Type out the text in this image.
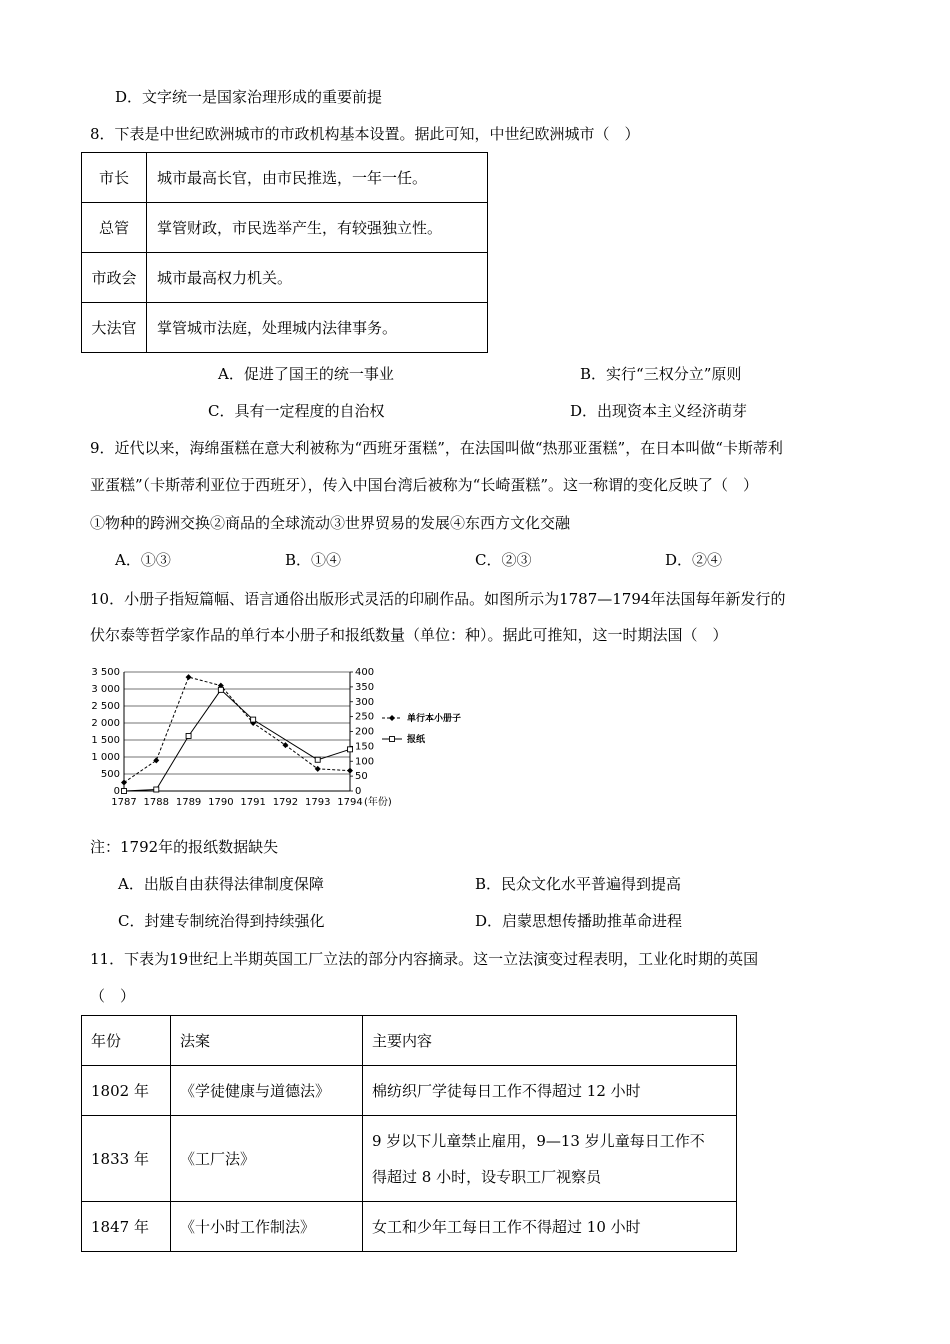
D．文字统一是国家治理形成的重要前提
8．下表是中世纪欧洲城市的市政机构基本设置。据此可知，中世纪欧洲城市（　）
市长	城市最高长官，由市民推选，一年一任。
总管	掌管财政，市民选举产生，有较强独立性。
市政会	城市最高权力机关。
大法官	掌管城市法庭，处理城内法律事务。
A．促进了国王的统一事业	B．实行“三权分立”原则
C．具有一定程度的自治权	D．出现资本主义经济萌芽
9．近代以来，海绵蛋糕在意大利被称为“西班牙蛋糕”，在法国叫做“热那亚蛋糕”，在日本叫做“卡斯蒂利
亚蛋糕”（卡斯蒂利亚位于西班牙），传入中国台湾后被称为“长崎蛋糕”。这一称谓的变化反映了（　）
①物种的跨洲交换②商品的全球流动③世界贸易的发展④东西方文化交融
A．①③	B．①④	C．②③	D．②④
10．小册子指短篇幅、语言通俗出版形式灵活的印刷作品。如图所示为1787—1794年法国每年新发行的
伏尔泰等哲学家作品的单行本小册子和报纸数量（单位：种）。据此可推知，这一时期法国（　）
0
500
1 000
1 500
2 000
2 500
3 000
3 500
0
50
100
150
200
250
300
350
400
1787 1788 1789 1790 1791 1792 1793 1794 (年份)
单行本小册子
报纸
注：1792年的报纸数据缺失
A．出版自由获得法律制度保障	B．民众文化水平普遍得到提高
C．封建专制统治得到持续强化	D．启蒙思想传播助推革命进程
11．下表为19世纪上半期英国工厂立法的部分内容摘录。这一立法演变过程表明，工业化时期的英国
（　）
年份	法案	主要内容
1802 年	《学徒健康与道德法》	棉纺织厂学徒每日工作不得超过 12 小时
1833 年	《工厂法》	9 岁以下儿童禁止雇用，9—13 岁儿童每日工作不
得超过 8 小时，设专职工厂视察员

1847 年	《十小时工作制法》	女工和少年工每日工作不得超过 10 小时
